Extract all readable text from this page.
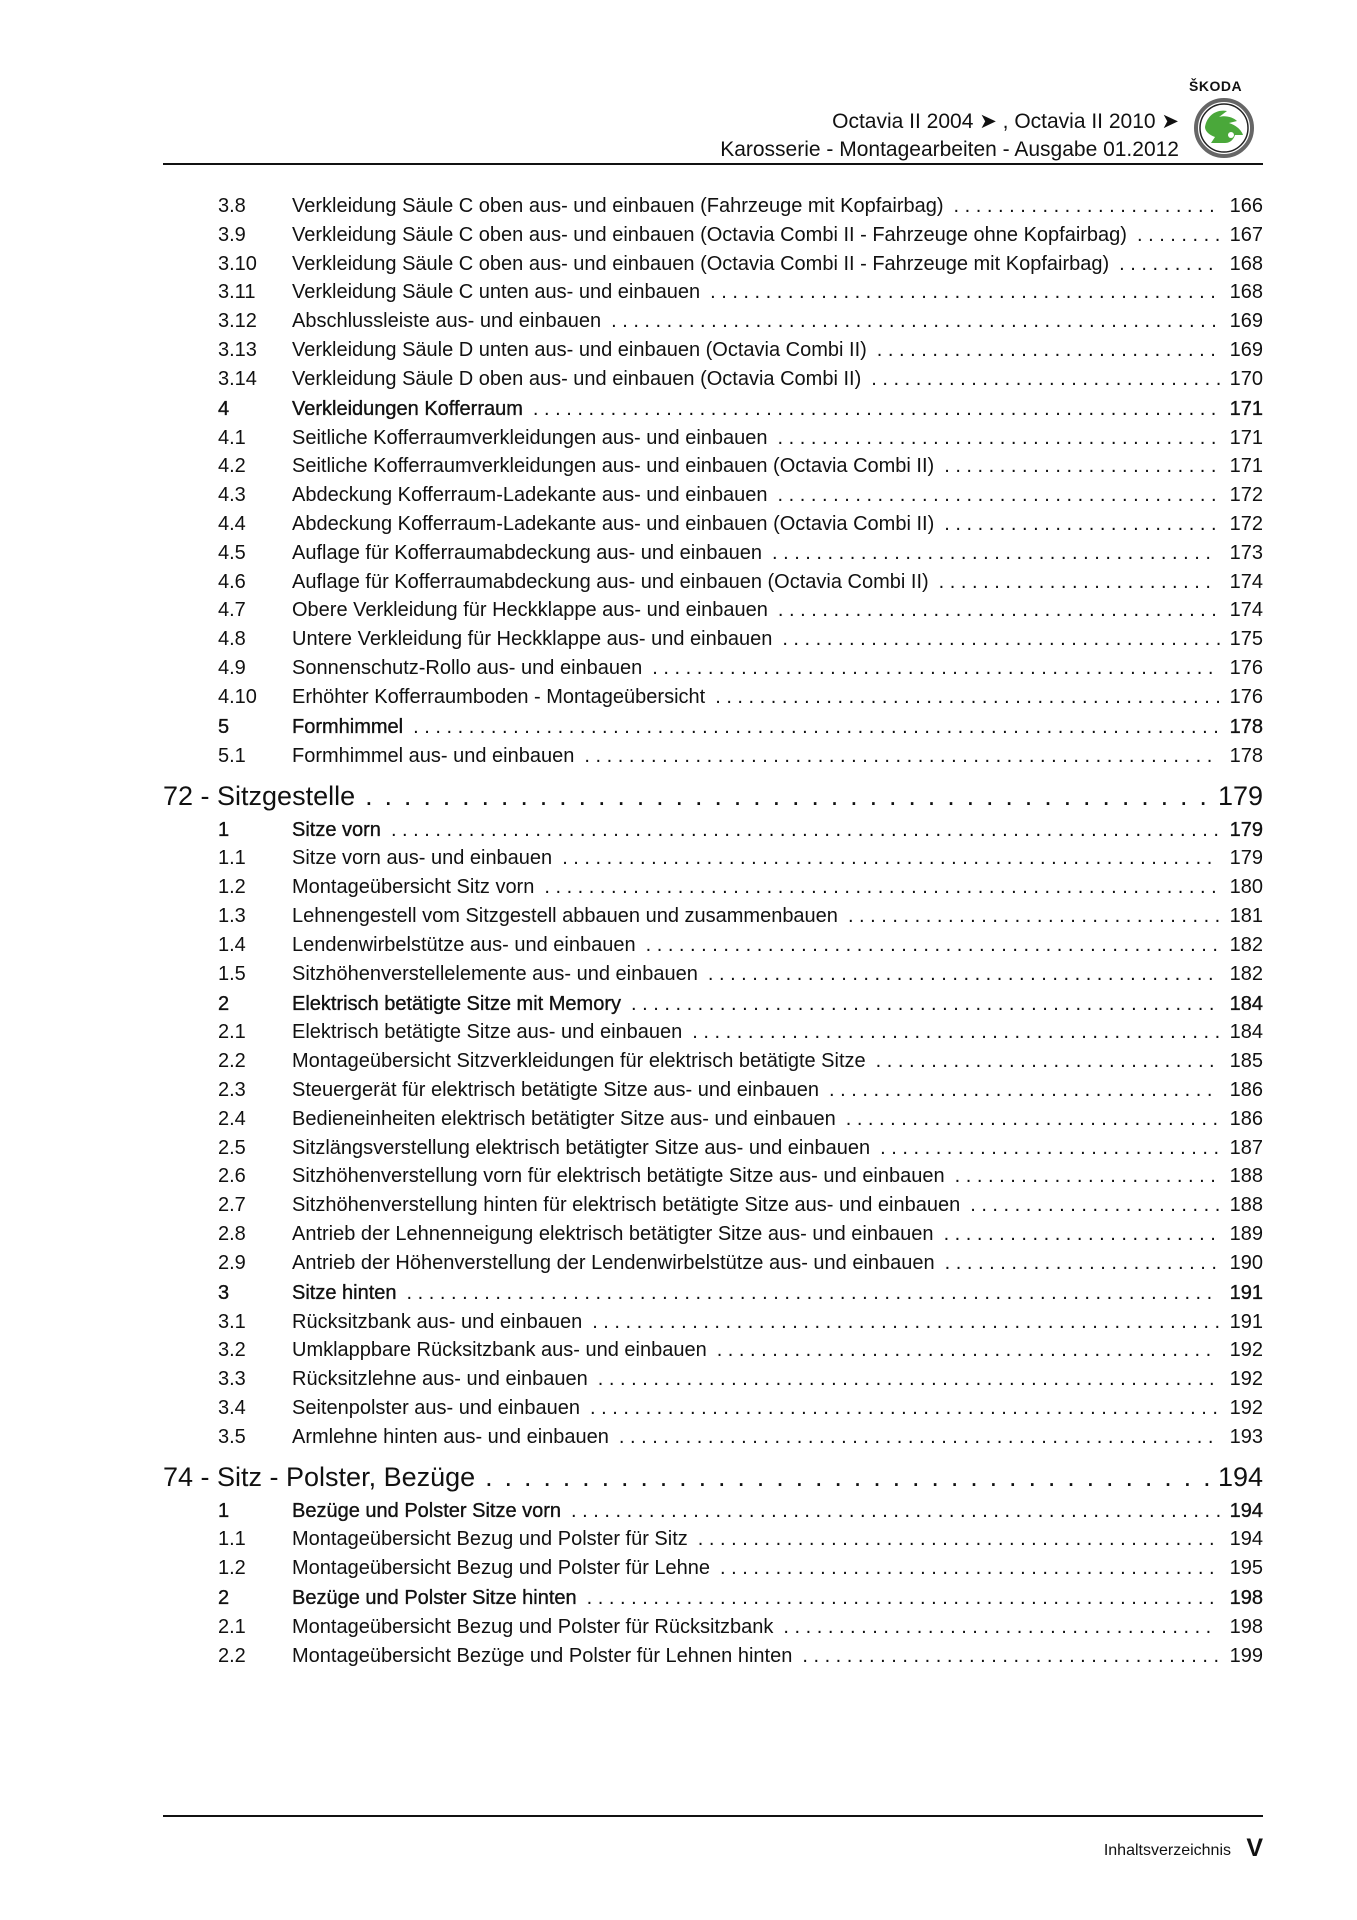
Octavia II 2004 ➤ , Octavia II 2010 ➤
Karosserie - Montagearbeiten - Ausgabe 01.2012
ŠKODA
3.8	Verkleidung Säule C oben aus- und einbauen (Fahrzeuge mit Kopfairbag) . . . . . . . . . . . . . . . . . . . . . . . . 166
3.9	Verkleidung Säule C oben aus- und einbauen (Octavia Combi II - Fahrzeuge ohne Kopfairbag) . . . . . . . . 167
3.10	Verkleidung Säule C oben aus- und einbauen (Octavia Combi II - Fahrzeuge mit Kopfairbag) . . . . . . . . . 168
3.11	Verkleidung Säule C unten aus- und einbauen . . . . . . . . . . . . . . . . . . . . . . . . . . . . . . . . . . . . . . . . . . . . . . 168
3.12	Abschlussleiste aus- und einbauen . . . . . . . . . . . . . . . . . . . . . . . . . . . . . . . . . . . . . . . . . . . . . . . . . . . . . . . 169
3.13	Verkleidung Säule D unten aus- und einbauen (Octavia Combi II) . . . . . . . . . . . . . . . . . . . . . . . . . . . . . . . 169
3.14	Verkleidung Säule D oben aus- und einbauen (Octavia Combi II) . . . . . . . . . . . . . . . . . . . . . . . . . . . . . . . . 170
4	Verkleidungen Kofferraum . . . . . . . . . . . . . . . . . . . . . . . . . . . . . . . . . . . . . . . . . . . . . . . . . . . . . . . . . . . . . . 171
4.1	Seitliche Kofferraumverkleidungen aus- und einbauen . . . . . . . . . . . . . . . . . . . . . . . . . . . . . . . . . . . . . . . . 171
4.2	Seitliche Kofferraumverkleidungen aus- und einbauen (Octavia Combi II) . . . . . . . . . . . . . . . . . . . . . . . . . 171
4.3	Abdeckung Kofferraum-Ladekante aus- und einbauen . . . . . . . . . . . . . . . . . . . . . . . . . . . . . . . . . . . . . . . . 172
4.4	Abdeckung Kofferraum-Ladekante aus- und einbauen (Octavia Combi II) . . . . . . . . . . . . . . . . . . . . . . . . . 172
4.5	Auflage für Kofferraumabdeckung aus- und einbauen . . . . . . . . . . . . . . . . . . . . . . . . . . . . . . . . . . . . . . . . 173
4.6	Auflage für Kofferraumabdeckung aus- und einbauen (Octavia Combi II) . . . . . . . . . . . . . . . . . . . . . . . . . 174
4.7	Obere Verkleidung für Heckklappe aus- und einbauen . . . . . . . . . . . . . . . . . . . . . . . . . . . . . . . . . . . . . . . . 174
4.8	Untere Verkleidung für Heckklappe aus- und einbauen . . . . . . . . . . . . . . . . . . . . . . . . . . . . . . . . . . . . . . . . 175
4.9	Sonnenschutz-Rollo aus- und einbauen . . . . . . . . . . . . . . . . . . . . . . . . . . . . . . . . . . . . . . . . . . . . . . . . . . . 176
4.10	Erhöhter Kofferraumboden - Montageübersicht . . . . . . . . . . . . . . . . . . . . . . . . . . . . . . . . . . . . . . . . . . . . . . 176
5	Formhimmel . . . . . . . . . . . . . . . . . . . . . . . . . . . . . . . . . . . . . . . . . . . . . . . . . . . . . . . . . . . . . . . . . . . . . . . . . 178
5.1	Formhimmel aus- und einbauen . . . . . . . . . . . . . . . . . . . . . . . . . . . . . . . . . . . . . . . . . . . . . . . . . . . . . . . . . 178
72 - Sitzgestelle . . . . . . . . . . . . . . . . . . . . . . . . . . . . . . . . . . . . . . . . . . . . 179
1	Sitze vorn . . . . . . . . . . . . . . . . . . . . . . . . . . . . . . . . . . . . . . . . . . . . . . . . . . . . . . . . . . . . . . . . . . . . . . . . . . . 179
1.1	Sitze vorn aus- und einbauen . . . . . . . . . . . . . . . . . . . . . . . . . . . . . . . . . . . . . . . . . . . . . . . . . . . . . . . . . . . 179
1.2	Montageübersicht Sitz vorn . . . . . . . . . . . . . . . . . . . . . . . . . . . . . . . . . . . . . . . . . . . . . . . . . . . . . . . . . . . . . 180
1.3	Lehnengestell vom Sitzgestell abbauen und zusammenbauen . . . . . . . . . . . . . . . . . . . . . . . . . . . . . . . . . . 181
1.4	Lendenwirbelstütze aus- und einbauen . . . . . . . . . . . . . . . . . . . . . . . . . . . . . . . . . . . . . . . . . . . . . . . . . . . . 182
1.5	Sitzhöhenverstellelemente aus- und einbauen . . . . . . . . . . . . . . . . . . . . . . . . . . . . . . . . . . . . . . . . . . . . . . 182
2	Elektrisch betätigte Sitze mit Memory . . . . . . . . . . . . . . . . . . . . . . . . . . . . . . . . . . . . . . . . . . . . . . . . . . . . . 184
2.1	Elektrisch betätigte Sitze aus- und einbauen . . . . . . . . . . . . . . . . . . . . . . . . . . . . . . . . . . . . . . . . . . . . . . . . 184
2.2	Montageübersicht Sitzverkleidungen für elektrisch betätigte Sitze . . . . . . . . . . . . . . . . . . . . . . . . . . . . . . . 185
2.3	Steuergerät für elektrisch betätigte Sitze aus- und einbauen . . . . . . . . . . . . . . . . . . . . . . . . . . . . . . . . . . . 186
2.4	Bedieneinheiten elektrisch betätigter Sitze aus- und einbauen . . . . . . . . . . . . . . . . . . . . . . . . . . . . . . . . . . 186
2.5	Sitzlängsverstellung elektrisch betätigter Sitze aus- und einbauen . . . . . . . . . . . . . . . . . . . . . . . . . . . . . . . 187
2.6	Sitzhöhenverstellung vorn für elektrisch betätigte Sitze aus- und einbauen . . . . . . . . . . . . . . . . . . . . . . . . 188
2.7	Sitzhöhenverstellung hinten für elektrisch betätigte Sitze aus- und einbauen . . . . . . . . . . . . . . . . . . . . . . . 188
2.8	Antrieb der Lehnenneigung elektrisch betätigter Sitze aus- und einbauen . . . . . . . . . . . . . . . . . . . . . . . . . 189
2.9	Antrieb der Höhenverstellung der Lendenwirbelstütze aus- und einbauen . . . . . . . . . . . . . . . . . . . . . . . . . 190
3	Sitze hinten . . . . . . . . . . . . . . . . . . . . . . . . . . . . . . . . . . . . . . . . . . . . . . . . . . . . . . . . . . . . . . . . . . . . . . . . . 191
3.1	Rücksitzbank aus- und einbauen . . . . . . . . . . . . . . . . . . . . . . . . . . . . . . . . . . . . . . . . . . . . . . . . . . . . . . . . . 191
3.2	Umklappbare Rücksitzbank aus- und einbauen . . . . . . . . . . . . . . . . . . . . . . . . . . . . . . . . . . . . . . . . . . . . . 192
3.3	Rücksitzlehne aus- und einbauen . . . . . . . . . . . . . . . . . . . . . . . . . . . . . . . . . . . . . . . . . . . . . . . . . . . . . . . . 192
3.4	Seitenpolster aus- und einbauen . . . . . . . . . . . . . . . . . . . . . . . . . . . . . . . . . . . . . . . . . . . . . . . . . . . . . . . . . 192
3.5	Armlehne hinten aus- und einbauen . . . . . . . . . . . . . . . . . . . . . . . . . . . . . . . . . . . . . . . . . . . . . . . . . . . . . . 193
74 - Sitz - Polster, Bezüge . . . . . . . . . . . . . . . . . . . . . . . . . . . . . . . . . . . . . . 194
1	Bezüge und Polster Sitze vorn . . . . . . . . . . . . . . . . . . . . . . . . . . . . . . . . . . . . . . . . . . . . . . . . . . . . . . . . . . . 194
1.1	Montageübersicht Bezug und Polster für Sitz . . . . . . . . . . . . . . . . . . . . . . . . . . . . . . . . . . . . . . . . . . . . . . . 194
1.2	Montageübersicht Bezug und Polster für Lehne . . . . . . . . . . . . . . . . . . . . . . . . . . . . . . . . . . . . . . . . . . . . . 195
2	Bezüge und Polster Sitze hinten . . . . . . . . . . . . . . . . . . . . . . . . . . . . . . . . . . . . . . . . . . . . . . . . . . . . . . . . . 198
2.1	Montageübersicht Bezug und Polster für Rücksitzbank . . . . . . . . . . . . . . . . . . . . . . . . . . . . . . . . . . . . . . . 198
2.2	Montageübersicht Bezüge und Polster für Lehnen hinten . . . . . . . . . . . . . . . . . . . . . . . . . . . . . . . . . . . . . . 199
Inhaltsverzeichnis V
